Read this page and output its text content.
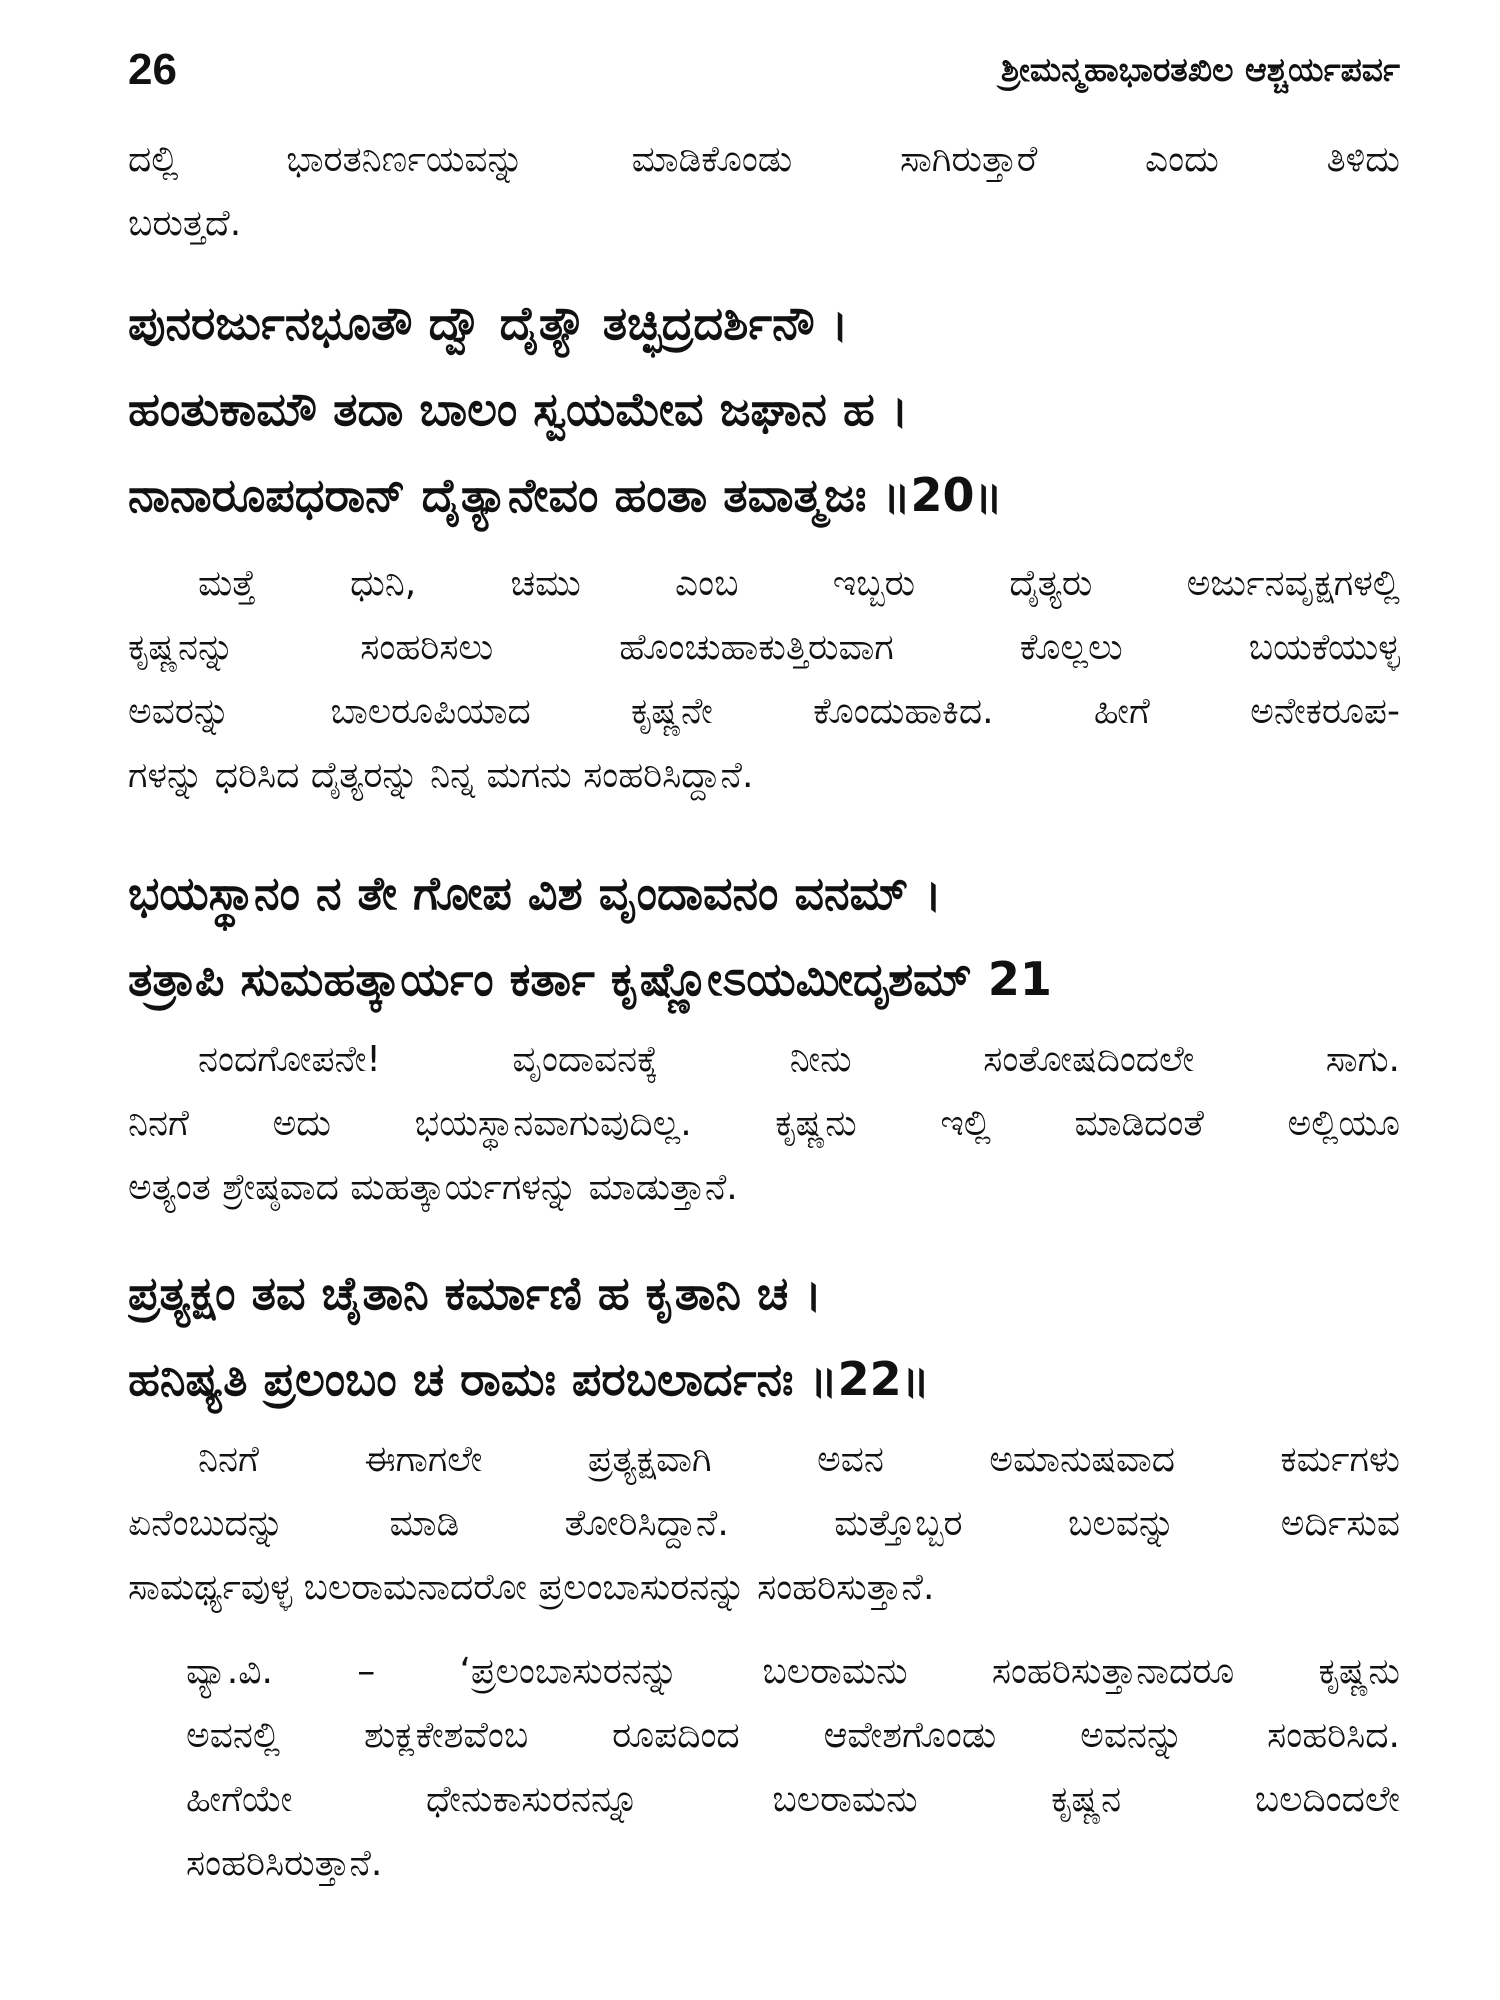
26	ಶ್ರೀಮನ್ಮಹಾಭಾರತಖಿಲ ಆಶ್ಚರ್ಯಪರ್ವ
ದಲ್ಲಿ ಭಾರತನಿರ್ಣಯವನ್ನು ಮಾಡಿಕೊಂಡು ಸಾಗಿರುತ್ತಾರೆ ಎಂದು ತಿಳಿದು
ಬರುತ್ತದೆ.
ಪುನರರ್ಜುನಭೂತೌ ದ್ವೌ ದೈತ್ಯೌ ತಚ್ಛಿದ್ರದರ್ಶಿನೌ ।
ಹಂತುಕಾಮೌ ತದಾ ಬಾಲಂ ಸ್ವಯಮೇವ ಜಘಾನ ಹ ।
ನಾನಾರೂಪಧರಾನ್ ದೈತ್ಯಾನೇವಂ ಹಂತಾ ತವಾತ್ಮಜಃ ॥20॥
ಮತ್ತೆ ಧುನಿ, ಚಮು ಎಂಬ ಇಬ್ಬರು ದೈತ್ಯರು ಅರ್ಜುನವೃಕ್ಷಗಳಲ್ಲಿ
ಕೃಷ್ಣನನ್ನು ಸಂಹರಿಸಲು ಹೊಂಚುಹಾಕುತ್ತಿರುವಾಗ ಕೊಲ್ಲಲು ಬಯಕೆಯುಳ್ಳ
ಅವರನ್ನು ಬಾಲರೂಪಿಯಾದ ಕೃಷ್ಣನೇ ಕೊಂದುಹಾಕಿದ. ಹೀಗೆ ಅನೇಕರೂಪ-
ಗಳನ್ನು ಧರಿಸಿದ ದೈತ್ಯರನ್ನು ನಿನ್ನ ಮಗನು ಸಂಹರಿಸಿದ್ದಾನೆ.
ಭಯಸ್ಥಾನಂ ನ ತೇ ಗೋಪ ವಿಶ ವೃಂದಾವನಂ ವನಮ್ ।
ತತ್ರಾಪಿ ಸುಮಹತ್ಕಾರ್ಯಂ ಕರ್ತಾ ಕೃಷ್ಣೋಽಯಮೀದೃಶಮ್ 21
ನಂದಗೋಪನೇ! ವೃಂದಾವನಕ್ಕೆ ನೀನು ಸಂತೋಷದಿಂದಲೇ ಸಾಗು.
ನಿನಗೆ ಅದು ಭಯಸ್ಥಾನವಾಗುವುದಿಲ್ಲ. ಕೃಷ್ಣನು ಇಲ್ಲಿ ಮಾಡಿದಂತೆ ಅಲ್ಲಿಯೂ
ಅತ್ಯಂತ ಶ್ರೇಷ್ಠವಾದ ಮಹತ್ಕಾರ್ಯಗಳನ್ನು ಮಾಡುತ್ತಾನೆ.
ಪ್ರತ್ಯಕ್ಷಂ ತವ ಚೈತಾನಿ ಕರ್ಮಾಣಿ ಹ ಕೃತಾನಿ ಚ ।
ಹನಿಷ್ಯತಿ ಪ್ರಲಂಬಂ ಚ ರಾಮಃ ಪರಬಲಾರ್ದನಃ ॥22॥
ನಿನಗೆ ಈಗಾಗಲೇ ಪ್ರತ್ಯಕ್ಷವಾಗಿ ಅವನ ಅಮಾನುಷವಾದ ಕರ್ಮಗಳು
ಏನೆಂಬುದನ್ನು ಮಾಡಿ ತೋರಿಸಿದ್ದಾನೆ. ಮತ್ತೊಬ್ಬರ ಬಲವನ್ನು ಅರ್ದಿಸುವ
ಸಾಮರ್ಥ್ಯವುಳ್ಳ ಬಲರಾಮನಾದರೋ ಪ್ರಲಂಬಾಸುರನನ್ನು ಸಂಹರಿಸುತ್ತಾನೆ.
ವ್ಯಾ.ವಿ. – ‘ಪ್ರಲಂಬಾಸುರನನ್ನು ಬಲರಾಮನು ಸಂಹರಿಸುತ್ತಾನಾದರೂ ಕೃಷ್ಣನು
ಅವನಲ್ಲಿ ಶುಕ್ಲಕೇಶವೆಂಬ ರೂಪದಿಂದ ಆವೇಶಗೊಂಡು ಅವನನ್ನು ಸಂಹರಿಸಿದ.
ಹೀಗೆಯೇ ಧೇನುಕಾಸುರನನ್ನೂ ಬಲರಾಮನು ಕೃಷ್ಣನ ಬಲದಿಂದಲೇ
ಸಂಹರಿಸಿರುತ್ತಾನೆ.
